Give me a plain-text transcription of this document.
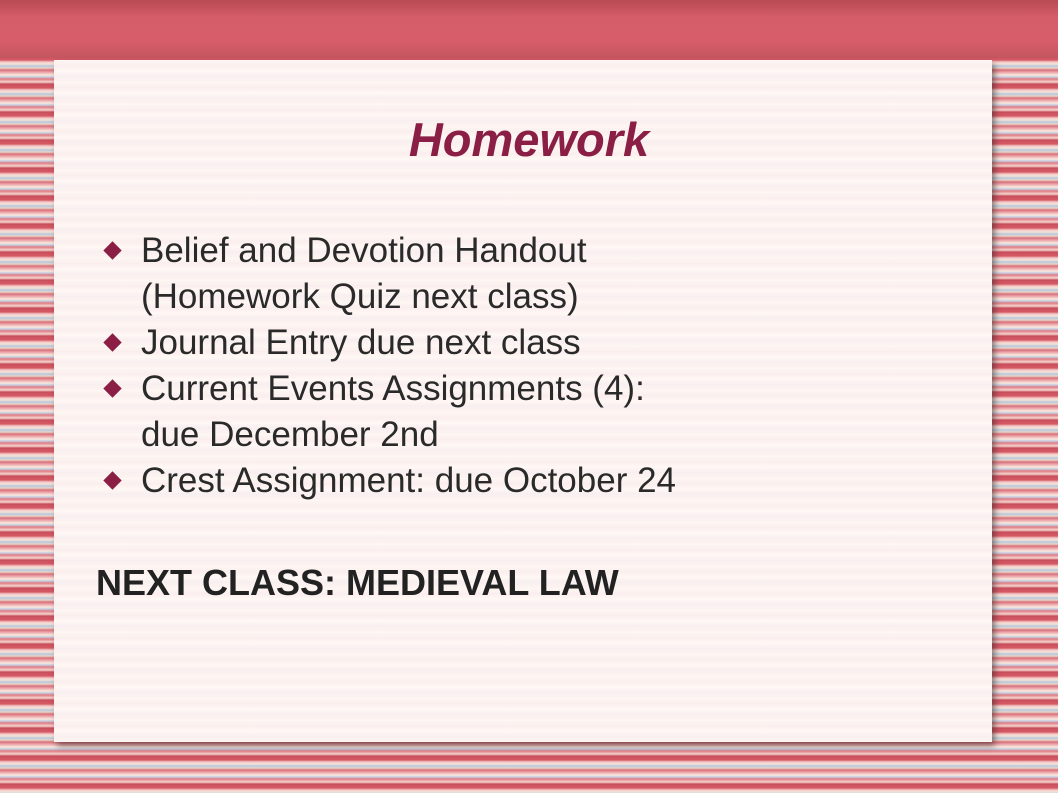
Homework
Belief and Devotion Handout
(Homework Quiz next class)
Journal Entry due next class
Current Events Assignments (4):
due December 2nd
Crest Assignment: due October 24

NEXT CLASS: MEDIEVAL LAW
